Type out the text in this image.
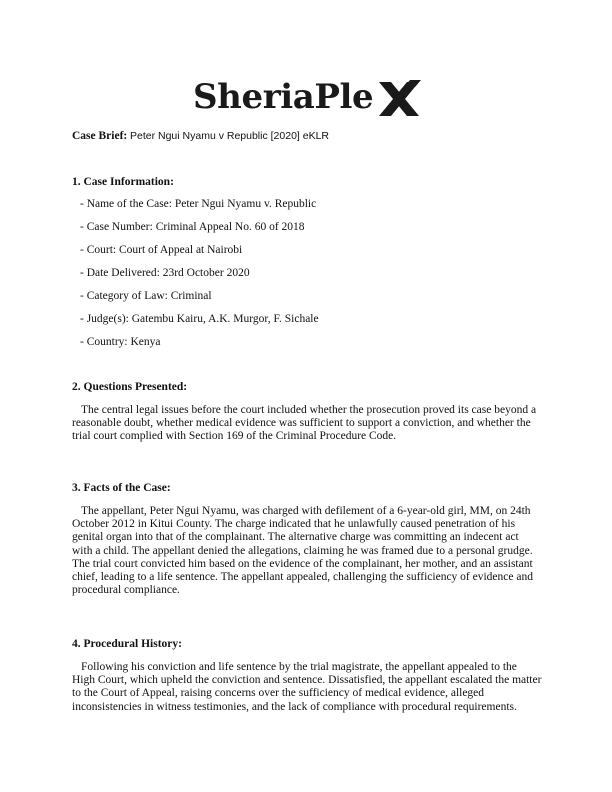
SheriaPle
Case Brief: Peter Ngui Nyamu v Republic [2020] eKLR
1. Case Information:
- Name of the Case: Peter Ngui Nyamu v. Republic
- Case Number: Criminal Appeal No. 60 of 2018
- Court: Court of Appeal at Nairobi
- Date Delivered: 23rd October 2020
- Category of Law: Criminal
- Judge(s): Gatembu Kairu, A.K. Murgor, F. Sichale
- Country: Kenya
2. Questions Presented:

The central legal issues before the court included whether the prosecution proved its case beyond a reasonable doubt, whether medical evidence was sufficient to support a conviction, and whether the trial court complied with Section 169 of the Criminal Procedure Code.

3. Facts of the Case:

The appellant, Peter Ngui Nyamu, was charged with defilement of a 6-year-old girl, MM, on 24th October 2012 in Kitui County. The charge indicated that he unlawfully caused penetration of his genital organ into that of the complainant. The alternative charge was committing an indecent act with a child. The appellant denied the allegations, claiming he was framed due to a personal grudge. The trial court convicted him based on the evidence of the complainant, her mother, and an assistant chief, leading to a life sentence. The appellant appealed, challenging the sufficiency of evidence and procedural compliance.

4. Procedural History:

Following his conviction and life sentence by the trial magistrate, the appellant appealed to the High Court, which upheld the conviction and sentence. Dissatisfied, the appellant escalated the matter to the Court of Appeal, raising concerns over the sufficiency of medical evidence, alleged inconsistencies in witness testimonies, and the lack of compliance with procedural requirements.
